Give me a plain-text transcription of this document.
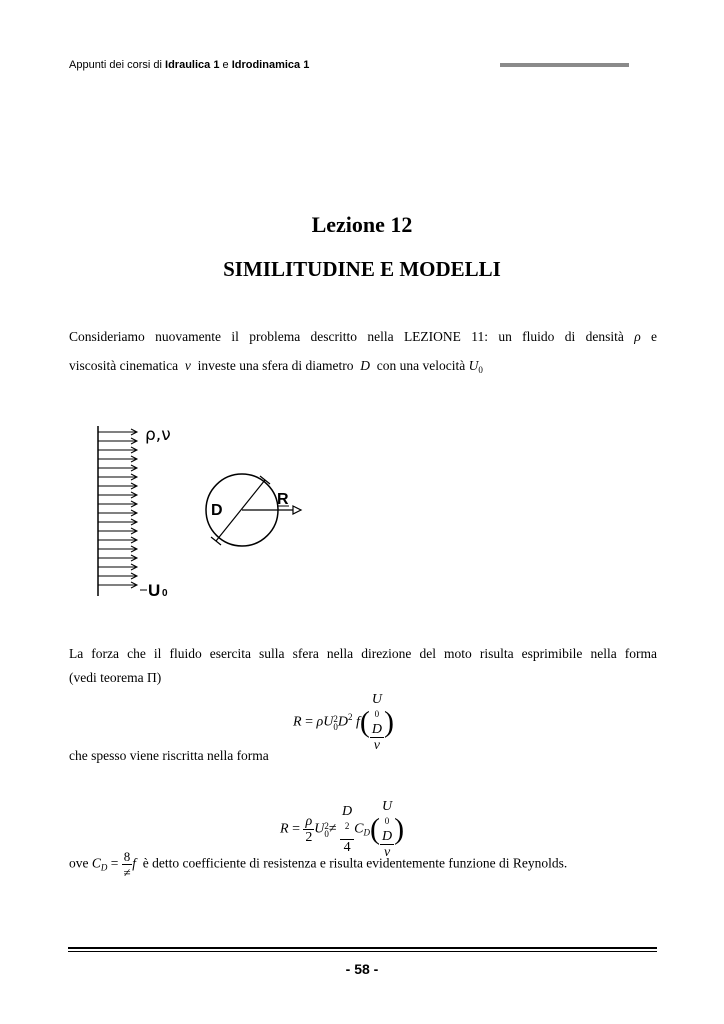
Appunti dei corsi di Idraulica 1 e Idrodinamica 1
Lezione 12
SIMILITUDINE E MODELLI
Consideriamo nuovamente il problema descritto nella LEZIONE 11: un fluido di densità ρ e
viscosità cinematica ν investe una sfera di diametro D con una velocità $U_0$
ρ,ν
U 0
D
R
La forza che il fluido esercita sulla sfera nella direzione del moto risulta esprimibile nella forma
(vedi teorema Π)
R = ρU 2
0 $D^2$ f( U
0
D
ν )
che spesso viene riscritta nella forma
$R = \frac{\rho}{2}$ U 2
0 ≠ D
$^2$
4 $C_D$( U
0
D
ν )
ove $C_D = \frac{8}{\ne}$ f è detto coefficiente di resistenza e risulta evidentemente funzione di Reynolds.
- 58 -
